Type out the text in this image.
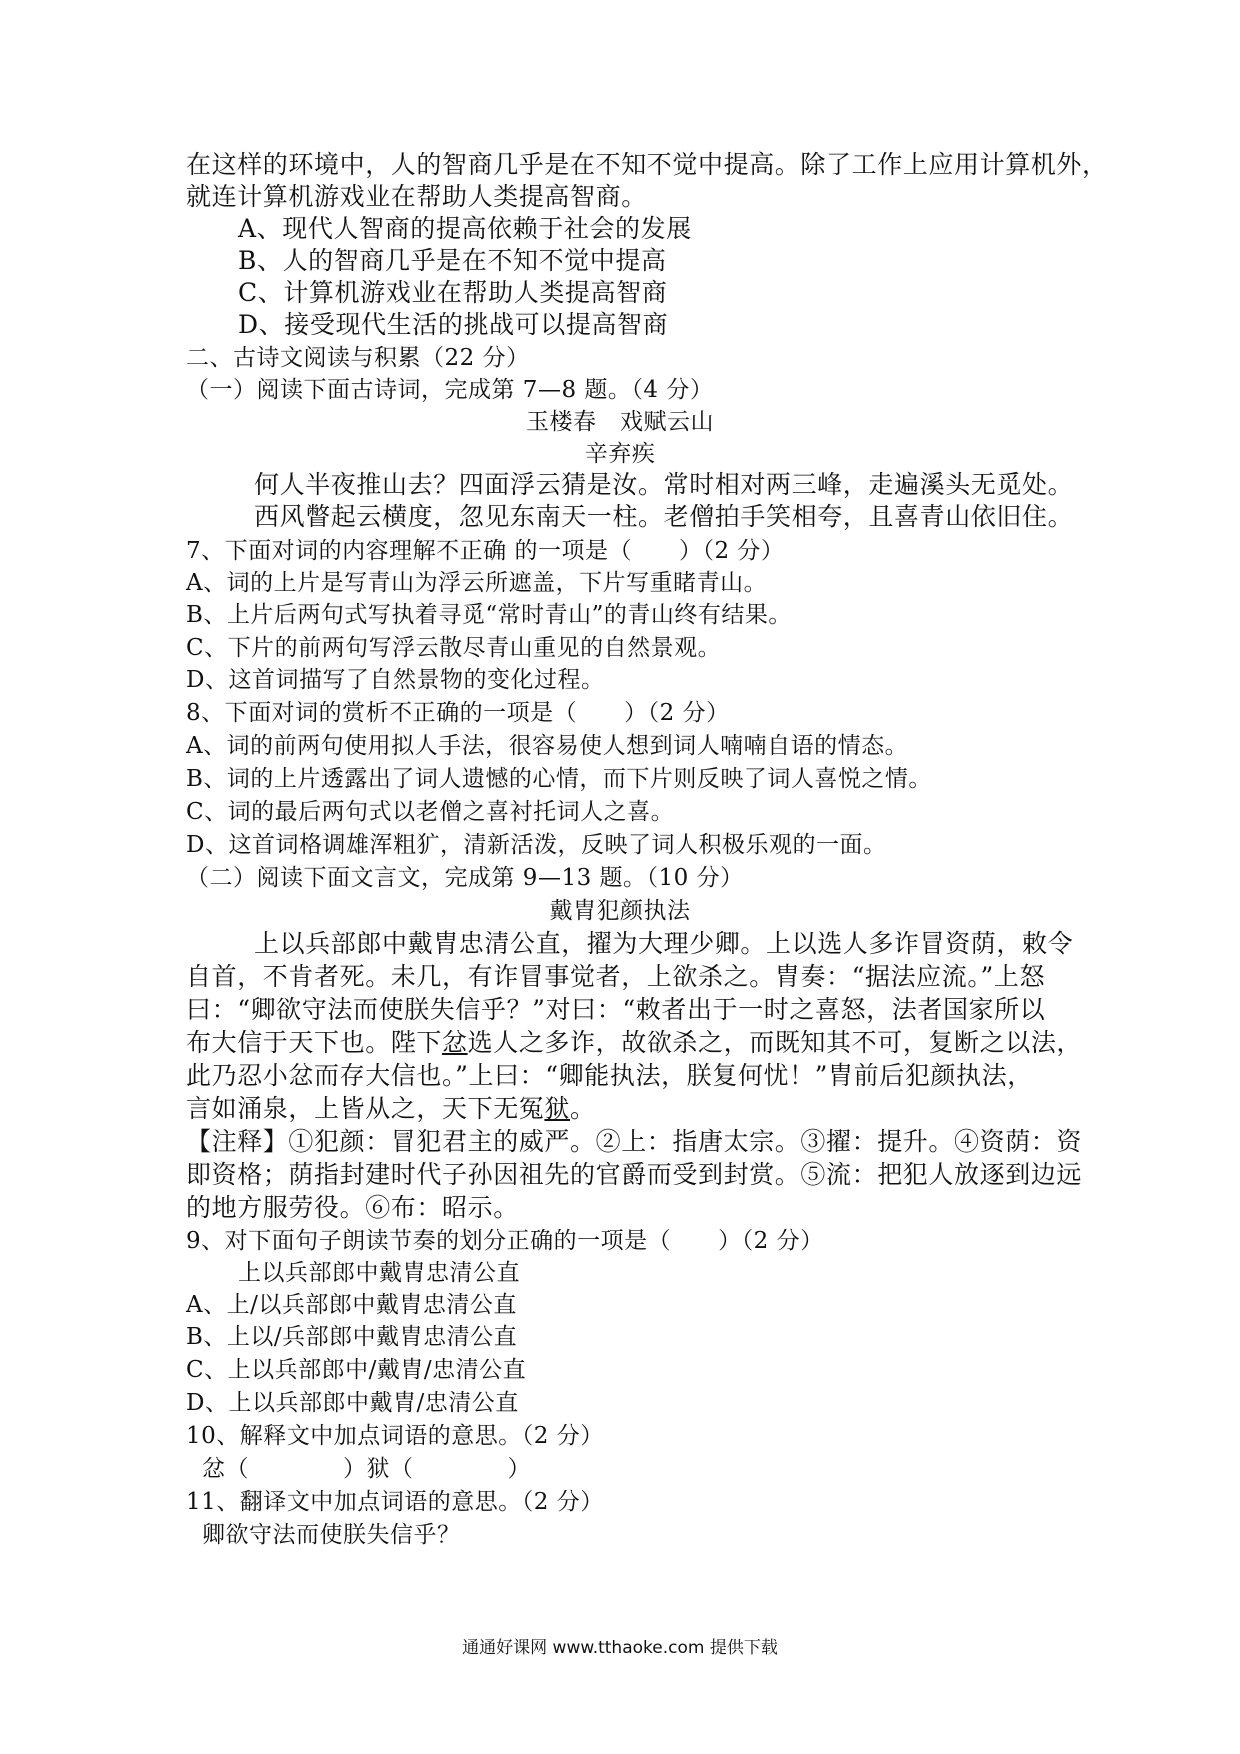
在这样的环境中，人的智商几乎是在不知不觉中提高。除了工作上应用计算机外，
就连计算机游戏业在帮助人类提高智商。
A、现代人智商的提高依赖于社会的发展
B、人的智商几乎是在不知不觉中提高
C、计算机游戏业在帮助人类提高智商
D、接受现代生活的挑战可以提高智商
二、古诗文阅读与积累（22 分）
（一）阅读下面古诗词，完成第 7—8 题。（4 分）
玉楼春　戏赋云山
辛弃疾
何人半夜推山去？四面浮云猜是汝。常时相对两三峰，走遍溪头无觅处。
西风瞥起云横度，忽见东南天一柱。老僧拍手笑相夸，且喜青山依旧住。
7、下面对词的内容理解不正确 的一项是（　　）（2 分）
A、词的上片是写青山为浮云所遮盖，下片写重睹青山。
B、上片后两句式写执着寻觅“常时青山”的青山终有结果。
C、下片的前两句写浮云散尽青山重见的自然景观。
D、这首词描写了自然景物的变化过程。
8、下面对词的赏析不正确的一项是（　　）（2 分）
A、词的前两句使用拟人手法，很容易使人想到词人喃喃自语的情态。
B、词的上片透露出了词人遗憾的心情，而下片则反映了词人喜悦之情。
C、词的最后两句式以老僧之喜衬托词人之喜。
D、这首词格调雄浑粗犷，清新活泼，反映了词人积极乐观的一面。
（二）阅读下面文言文，完成第 9—13 题。（10 分）
戴胄犯颜执法
上以兵部郎中戴胄忠清公直，擢为大理少卿。上以选人多诈冒资荫，敕令
自首，不肯者死。未几，有诈冒事觉者，上欲杀之。胄奏：“据法应流。”上怒
曰：“卿欲守法而使朕失信乎？”对曰：“敕者出于一时之喜怒，法者国家所以
布大信于天下也。陛下忿选人之多诈，故欲杀之，而既知其不可，复断之以法，
此乃忍小忿而存大信也。”上曰：“卿能执法，朕复何忧！”胄前后犯颜执法，
言如涌泉，上皆从之，天下无冤狱。
【注释】①犯颜：冒犯君主的威严。②上：指唐太宗。③擢：提升。④资荫：资
即资格；荫指封建时代子孙因祖先的官爵而受到封赏。⑤流：把犯人放逐到边远
的地方服劳役。⑥布：昭示。
9、对下面句子朗读节奏的划分正确的一项是（　　）（2 分）
上以兵部郎中戴胄忠清公直
A、上/以兵部郎中戴胄忠清公直
B、上以/兵部郎中戴胄忠清公直
C、上以兵部郎中/戴胄/忠清公直
D、上以兵部郎中戴胄/忠清公直
10、解释文中加点词语的意思。（2 分）
忿（　　　　）狱（　　　　）
11、翻译文中加点词语的意思。（2 分）
卿欲守法而使朕失信乎？
通通好课网 www.tthaoke.com 提供下载
